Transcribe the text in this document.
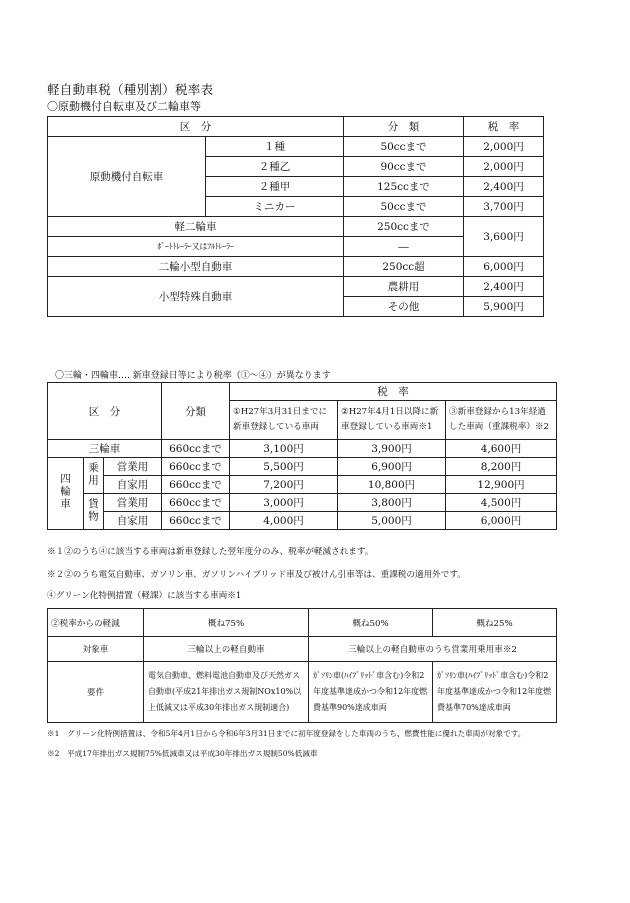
軽自動車税（種別割）税率表
〇原動機付自転車及び二輪車等
区　分		分　類	税　率
原動機付自転車	１種	50ccまで	2,000円
	２種乙	90ccまで	2,000円
	２種甲	125ccまで	2,400円
	ミニカー	50ccまで	3,700円
軽二輪車		250ccまで	3,600円
ﾎﾞｰﾄﾄﾚｰﾗｰ又はﾌﾙﾄﾚｰﾗｰ		―	
二輪小型自動車		250cc超	6,000円
小型特殊自動車		農耕用	2,400円
		その他	5,900円
〇三輪・四輪車…. 新車登録日等により税率（①～④）が異なります
区　分			分類	税　率		
				①H27年3月31日までに新車登録している車両	②H27年4月1日以降に新車登録している車両※1	③新車登録から13年経過した車両（重課税率）※2
三輪車			660ccまで	3,100円	3,900円	4,600円
四輪車	乗用	営業用	660ccまで	5,500円	6,900円	8,200円
		自家用	660ccまで	7,200円	10,800円	12,900円
	貨物	営業用	660ccまで	3,000円	3,800円	4,500円
		自家用	660ccまで	4,000円	5,000円	6,000円
※１②のうち④に該当する車両は新車登録した翌年度分のみ、税率が軽減されます。
※２②のうち電気自動車、ガソリン車、ガソリンハイブリッド車及び被けん引車等は、重課税の適用外です。
④グリーン化特例措置（軽課）に該当する車両※1
②税率からの軽減	概ね75%	概ね50%	概ね25%
対象車	三輪以上の軽自動車	三輪以上の軽自動車のうち営業用乗用車※2	
要件	電気自動車、燃料電池自動車及び天然ガス自動車(平成21年排出ガス規制NOx10%以上低減又は平成30年排出ガス規制適合)	ｶﾞｿﾘﾝ車(ﾊｲﾌﾞﾘｯﾄﾞ車含む)令和2年度基準達成かつ令和12年度燃費基準90%達成車両	ｶﾞｿﾘﾝ車(ﾊｲﾌﾞﾘｯﾄﾞ車含む)令和2年度基準達成かつ令和12年度燃費基準70%達成車両
※1　グリーン化特例措置は、令和5年4月1日から令和6年3月31日までに初年度登録をした車両のうち、燃費性能に優れた車両が対象です。
※2　平成17年排出ガス規制75%低減車又は平成30年排出ガス規制50%低減車
